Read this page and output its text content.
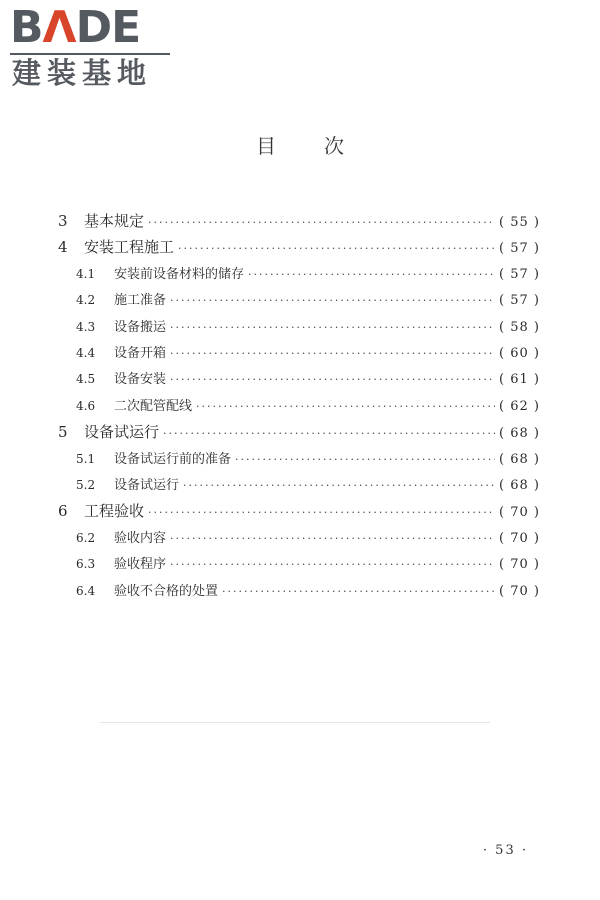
BΛDE
建装基地
目次
3	基本规定 ·····	( 55 )
4	安装工程施工 ·····	( 57 )
4.1	安装前设备材料的储存 ·····	( 57 )
4.2	施工准备 ·····	( 57 )
4.3	设备搬运 ·····	( 58 )
4.4	设备开箱 ·····	( 60 )
4.5	设备安装 ·····	( 61 )
4.6	二次配管配线 ·····	( 62 )
5	设备试运行 ·····	( 68 )
5.1	设备试运行前的准备 ·····	( 68 )
5.2	设备试运行 ·····	( 68 )
6	工程验收 ·····	( 70 )
6.2	验收内容 ·····	( 70 )
6.3	验收程序 ·····	( 70 )
6.4	验收不合格的处置 ·····	( 70 )
· 53 ·
